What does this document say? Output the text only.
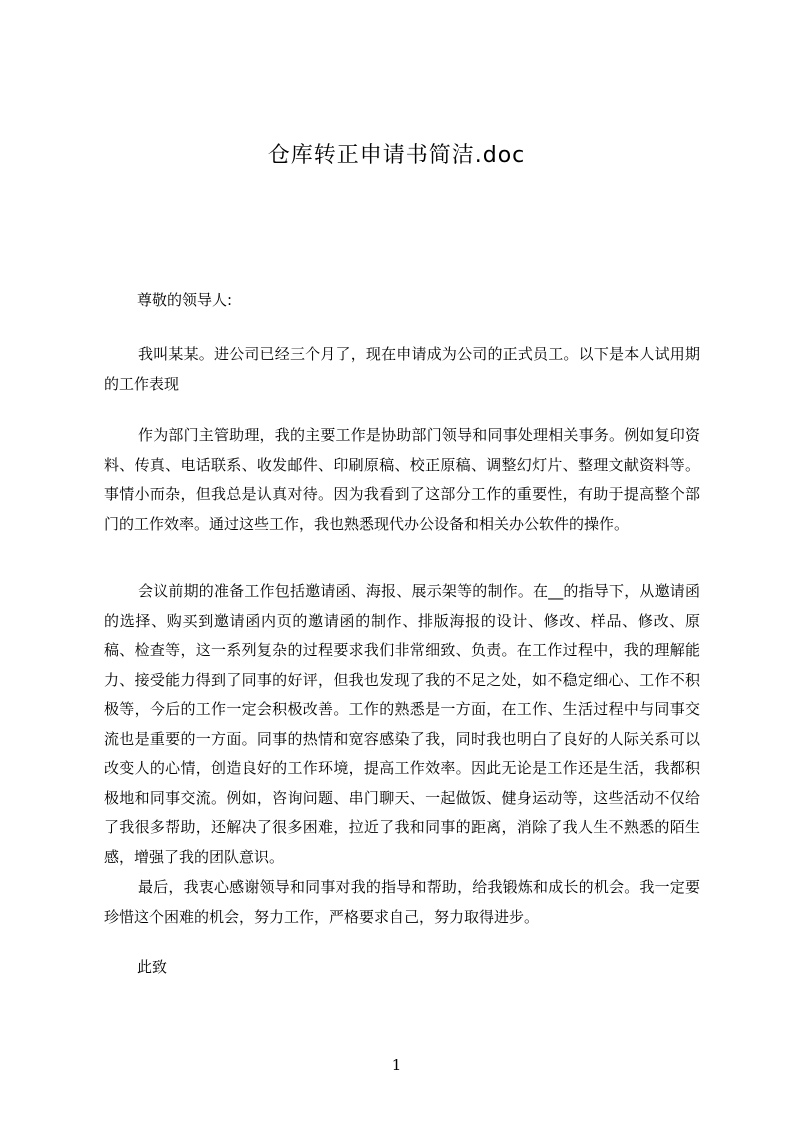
仓库转正申请书简洁.doc
尊敬的领导人:

我叫某某。进公司已经三个月了，现在申请成为公司的正式员工。以下是本人试用期的工作表现

作为部门主管助理，我的主要工作是协助部门领导和同事处理相关事务。例如复印资料、传真、电话联系、收发邮件、印刷原稿、校正原稿、调整幻灯片、整理文献资料等。事情小而杂，但我总是认真对待。因为我看到了这部分工作的重要性，有助于提高整个部门的工作效率。通过这些工作，我也熟悉现代办公设备和相关办公软件的操作。

会议前期的准备工作包括邀请函、海报、展示架等的制作。在__的指导下，从邀请函的选择、购买到邀请函内页的邀请函的制作、排版海报的设计、修改、样品、修改、原稿、检查等，这一系列复杂的过程要求我们非常细致、负责。在工作过程中，我的理解能力、接受能力得到了同事的好评，但我也发现了我的不足之处，如不稳定细心、工作不积极等，今后的工作一定会积极改善。工作的熟悉是一方面，在工作、生活过程中与同事交流也是重要的一方面。同事的热情和宽容感染了我，同时我也明白了良好的人际关系可以改变人的心情，创造良好的工作环境，提高工作效率。因此无论是工作还是生活，我都积极地和同事交流。例如，咨询问题、串门聊天、一起做饭、健身运动等，这些活动不仅给了我很多帮助，还解决了很多困难，拉近了我和同事的距离，消除了我人生不熟悉的陌生感，增强了我的团队意识。

最后，我衷心感谢领导和同事对我的指导和帮助，给我锻炼和成长的机会。我一定要珍惜这个困难的机会，努力工作，严格要求自己，努力取得进步。

此致
1
